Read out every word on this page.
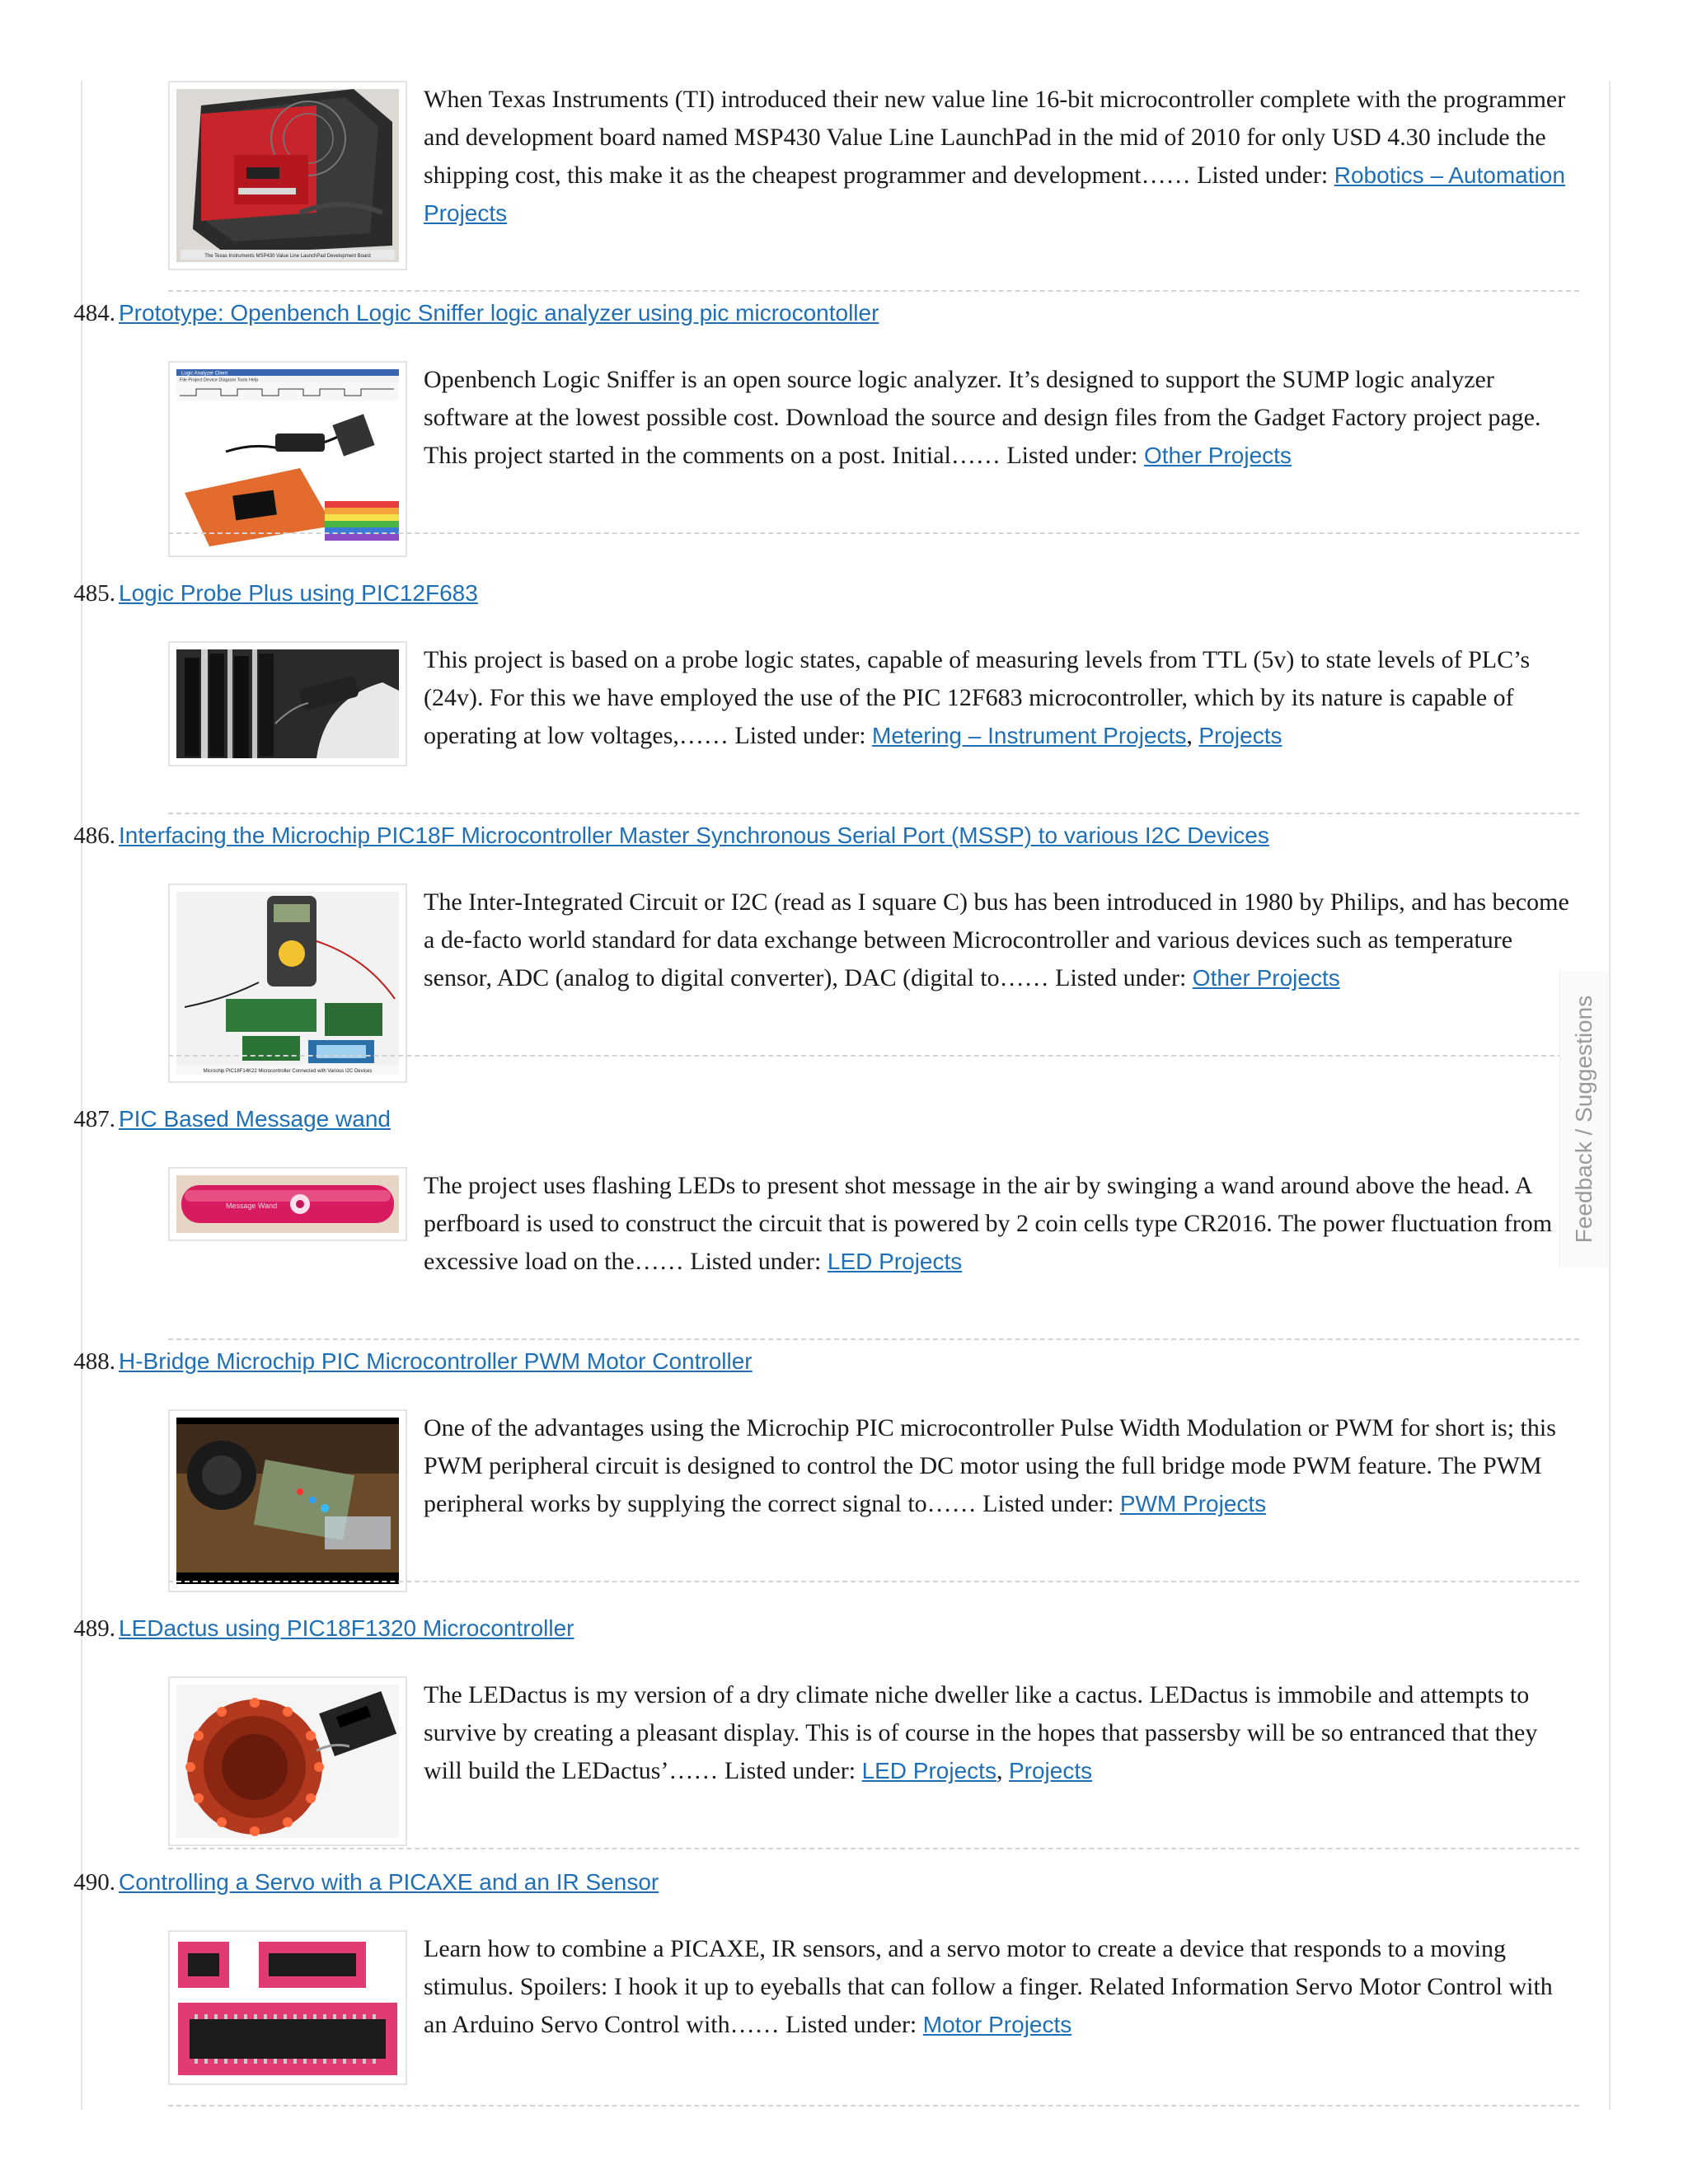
The Texas Instruments MSP430 Value Line LaunchPad Development Board
When Texas Instruments (TI) introduced their new value line 16-bit microcontroller complete with the programmer and development board named MSP430 Value Line LaunchPad in the mid of 2010 for only USD 4.30 include the shipping cost, this make it as the cheapest programmer and development…… Listed under: Robotics – Automation Projects
484. Prototype: Openbench Logic Sniffer logic analyzer using pic microcontoller
Logic Analyzer Client
File Project Device Diagram Tools Help	Openbench Logic Sniffer is an open source logic analyzer. It’s designed to support the SUMP logic analyzer software at the lowest possible cost. Download the source and design files from the Gadget Factory project page. This project started in the comments on a post. Initial…… Listed under: Other Projects
485. Logic Probe Plus using PIC12F683
This project is based on a probe logic states, capable of measuring levels from TTL (5v) to state levels of PLC’s (24v). For this we have employed the use of the PIC 12F683 microcontroller, which by its nature is capable of operating at low voltages,…… Listed under: Metering – Instrument Projects, Projects
486. Interfacing the Microchip PIC18F Microcontroller Master Synchronous Serial Port (MSSP) to various I2C Devices
Microchip PIC18F14K22 Microcontroller Connected with Various I2C Devices
The Inter-Integrated Circuit or I2C (read as I square C) bus has been introduced in 1980 by Philips, and has become a de-facto world standard for data exchange between Microcontroller and various devices such as temperature sensor, ADC (analog to digital converter), DAC (digital to…… Listed under: Other Projects
487. PIC Based Message wand
Message Wand
The project uses flashing LEDs to present shot message in the air by swinging a wand around above the head. A perfboard is used to construct the circuit that is powered by 2 coin cells type CR2016. The power fluctuation from excessive load on the…… Listed under: LED Projects
488. H-Bridge Microchip PIC Microcontroller PWM Motor Controller
One of the advantages using the Microchip PIC microcontroller Pulse Width Modulation or PWM for short is; this PWM peripheral circuit is designed to control the DC motor using the full bridge mode PWM feature. The PWM peripheral works by supplying the correct signal to…… Listed under: PWM Projects
489. LEDactus using PIC18F1320 Microcontroller
The LEDactus is my version of a dry climate niche dweller like a cactus. LEDactus is immobile and attempts to survive by creating a pleasant display. This is of course in the hopes that passersby will be so entranced that they will build the LEDactus’…… Listed under: LED Projects, Projects
490. Controlling a Servo with a PICAXE and an IR Sensor
Learn how to combine a PICAXE, IR sensors, and a servo motor to create a device that responds to a moving stimulus. Spoilers: I hook it up to eyeballs that can follow a finger. Related Information Servo Motor Control with an Arduino Servo Control with…… Listed under: Motor Projects
Feedback / Suggestions
